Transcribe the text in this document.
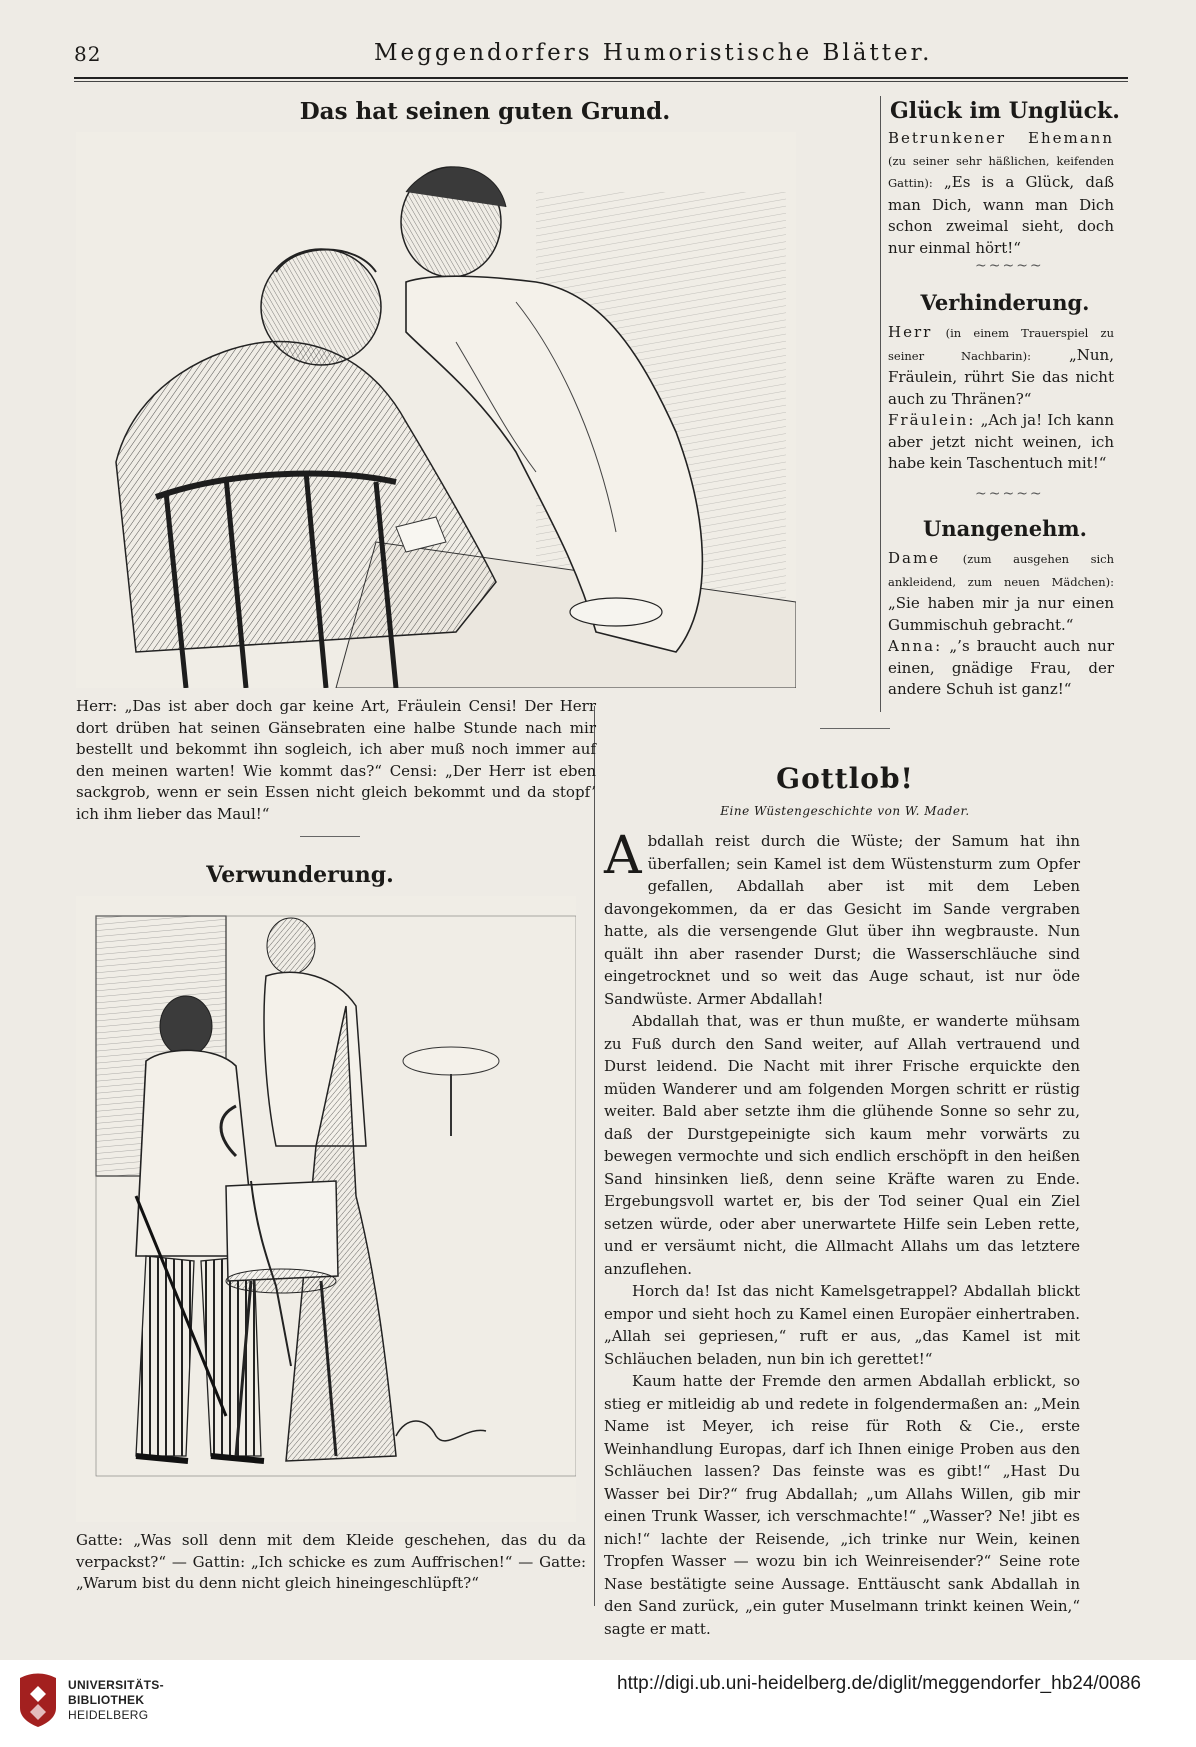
82	Meggendorfers Humoristische Blätter.
Das hat seinen guten Grund.
Herr: „Das ist aber doch gar keine Art, Fräulein Censi! Der Herr dort drüben hat seinen Gänsebraten eine halbe Stunde nach mir bestellt und bekommt ihn sogleich, ich aber muß noch immer auf den meinen warten! Wie kommt das?“ Censi: „Der Herr ist eben sackgrob, wenn er sein Essen nicht gleich bekommt und da stopf’ ich ihm lieber das Maul!“
Verwunderung.
Gatte: „Was soll denn mit dem Kleide geschehen, das du da verpackst?“ — Gattin: „Ich schicke es zum Auffrischen!“ — Gatte: „Warum bist du denn nicht gleich hineingeschlüpft?“
Glück im Unglück.
Betrunkener Ehemann (zu seiner sehr häßlichen, keifenden Gattin): „Es is a Glück, daß man Dich, wann man Dich schon zweimal sieht, doch nur einmal hört!“
~~~~~
Verhinderung.
Herr (in einem Trauerspiel zu seiner Nachbarin):	„Nun, Fräulein, rührt Sie das nicht auch zu Thränen?“
Fräulein: „Ach ja! Ich kann aber jetzt nicht weinen, ich habe kein Taschentuch mit!“
~~~~~
Unangenehm.
Dame (zum ausgehen sich ankleidend, zum neuen Mädchen): „Sie haben mir ja nur einen Gummischuh gebracht.“
Anna: „’s braucht auch nur einen, gnädige Frau, der andere Schuh ist ganz!“
Gottlob!
Eine Wüstengeschichte von W. Mader.

Abdallah reist durch die Wüste; der Samum hat ihn überfallen; sein Kamel ist dem Wüstensturm zum Opfer gefallen, Abdallah aber ist mit dem Leben davongekommen, da er das Gesicht im Sande vergraben hatte, als die versengende Glut über ihn wegbrauste. Nun quält ihn aber rasender Durst; die Wasserschläuche sind eingetrocknet und so weit das Auge schaut, ist nur öde Sandwüste. Armer Abdallah!

Abdallah that, was er thun mußte, er wanderte mühsam zu Fuß durch den Sand weiter, auf Allah vertrauend und Durst leidend. Die Nacht mit ihrer Frische erquickte den müden Wanderer und am folgenden Morgen schritt er rüstig weiter. Bald aber setzte ihm die glühende Sonne so sehr zu, daß der Durstgepeinigte sich kaum mehr vorwärts zu bewegen vermochte und sich endlich erschöpft in den heißen Sand hinsinken ließ, denn seine Kräfte waren zu Ende. Ergebungsvoll wartet er, bis der Tod seiner Qual ein Ziel setzen würde, oder aber unerwartete Hilfe sein Leben rette, und er versäumt nicht, die Allmacht Allahs um das letztere anzuflehen.

Horch da! Ist das nicht Kamelsgetrappel? Abdallah blickt empor und sieht hoch zu Kamel einen Europäer einhertraben. „Allah sei gepriesen,“ ruft er aus, „das Kamel ist mit Schläuchen beladen, nun bin ich gerettet!“

Kaum hatte der Fremde den armen Abdallah erblickt, so stieg er mitleidig ab und redete in folgendermaßen an: „Mein Name ist Meyer, ich reise für Roth & Cie., erste Weinhandlung Europas, darf ich Ihnen einige Proben aus den Schläuchen lassen? Das feinste was es gibt!“ „Hast Du Wasser bei Dir?“ frug Abdallah; „um Allahs Willen, gib mir einen Trunk Wasser, ich verschmachte!“ „Wasser? Ne! jibt es nich!“ lachte der Reisende, „ich trinke nur Wein, keinen Tropfen Wasser — wozu bin ich Weinreisender?“ Seine rote Nase bestätigte seine Aussage. Enttäuscht sank Abdallah in den Sand zurück, „ein guter Muselmann trinkt keinen Wein,“ sagte er matt.

UNIVERSITÄTS-
BIBLIOTHEK
HEIDELBERG
http://digi.ub.uni-heidelberg.de/diglit/meggendorfer_hb24/0086
